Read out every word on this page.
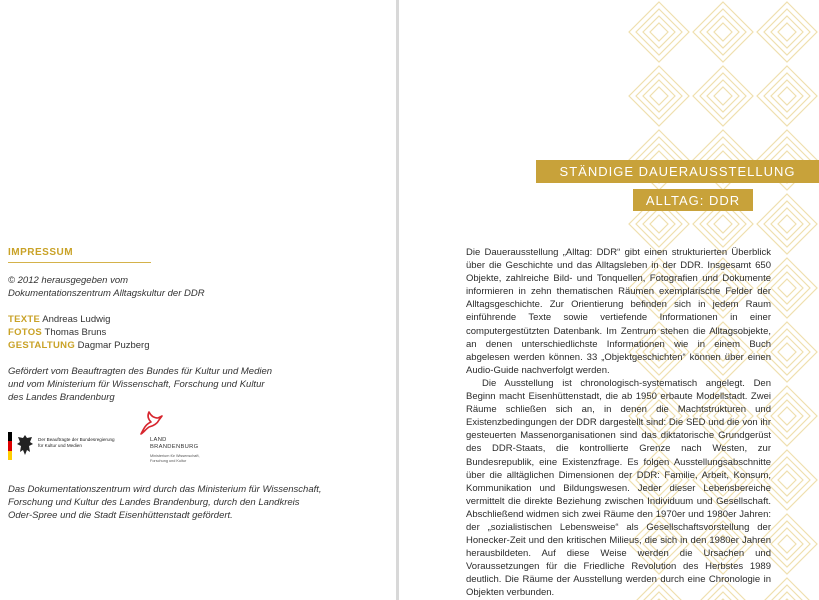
IMPRESSUM
© 2012 herausgegeben vom
Dokumentationszentrum Alltagskultur der DDR
TEXTE Andreas Ludwig
FOTOS Thomas Bruns
GESTALTUNG Dagmar Puzberg
Gefördert vom Beauftragten des Bundes für Kultur und Medien
und vom Ministerium für Wissenschaft, Forschung und Kultur
des Landes Brandenburg
Der Beauftragte der Bundesregierung
für Kultur und Medien
LAND
BRANDENBURG
Ministerium für Wissenschaft,
Forschung und Kultur
Das Dokumentationszentrum wird durch das Ministerium für Wissenschaft,
Forschung und Kultur des Landes Brandenburg, durch den Landkreis
Oder-Spree und die Stadt Eisenhüttenstadt gefördert.
STÄNDIGE DAUERAUSSTELLUNG
ALLTAG: DDR

Die Dauerausstellung „Alltag: DDR“ gibt einen strukturierten Überblick über die Geschichte und das Alltagsleben in der DDR. Insgesamt 650 Objekte, zahlreiche Bild- und Tonquellen, Fotografien und Dokumente informieren in zehn thematischen Räumen exemplarische Felder der Alltagsgeschichte. Zur Orientierung befinden sich in jedem Raum einführende Texte sowie vertiefende Informationen in einer computergestützten Datenbank. Im Zentrum stehen die Alltagsobjekte, an denen unterschiedlichste Informationen wie in einem Buch abgelesen werden können. 33 „Objektgeschichten“ können über einen Audio-Guide nachverfolgt werden.

Die Ausstellung ist chronologisch-systematisch angelegt. Den Beginn macht Eisenhüttenstadt, die ab 1950 erbaute Modellstadt. Zwei Räume schließen sich an, in denen die Machtstrukturen und Existenzbedingungen der DDR dargestellt sind: Die SED und die von ihr gesteuerten Massenorganisationen sind das diktatorische Grundgerüst des DDR-Staats, die kontrollierte Grenze nach Westen, zur Bundesrepublik, eine Existenzfrage. Es folgen Ausstellungsabschnitte über die alltäglichen Dimensionen der DDR: Familie, Arbeit, Konsum, Kommunikation und Bildungswesen. Jeder dieser Lebensbereiche vermittelt die direkte Beziehung zwischen Individuum und Gesellschaft. Abschließend widmen sich zwei Räume den 1970er und 1980er Jahren: der „sozialistischen Lebensweise“ als Gesellschaftsvorstellung der Honecker-Zeit und den kritischen Milieus, die sich in den 1980er Jahren herausbildeten. Auf diese Weise werden die Ursachen und Voraussetzungen für die Friedliche Revolution des Herbstes 1989 deutlich. Die Räume der Ausstellung werden durch eine Chronologie in Objekten verbunden.
